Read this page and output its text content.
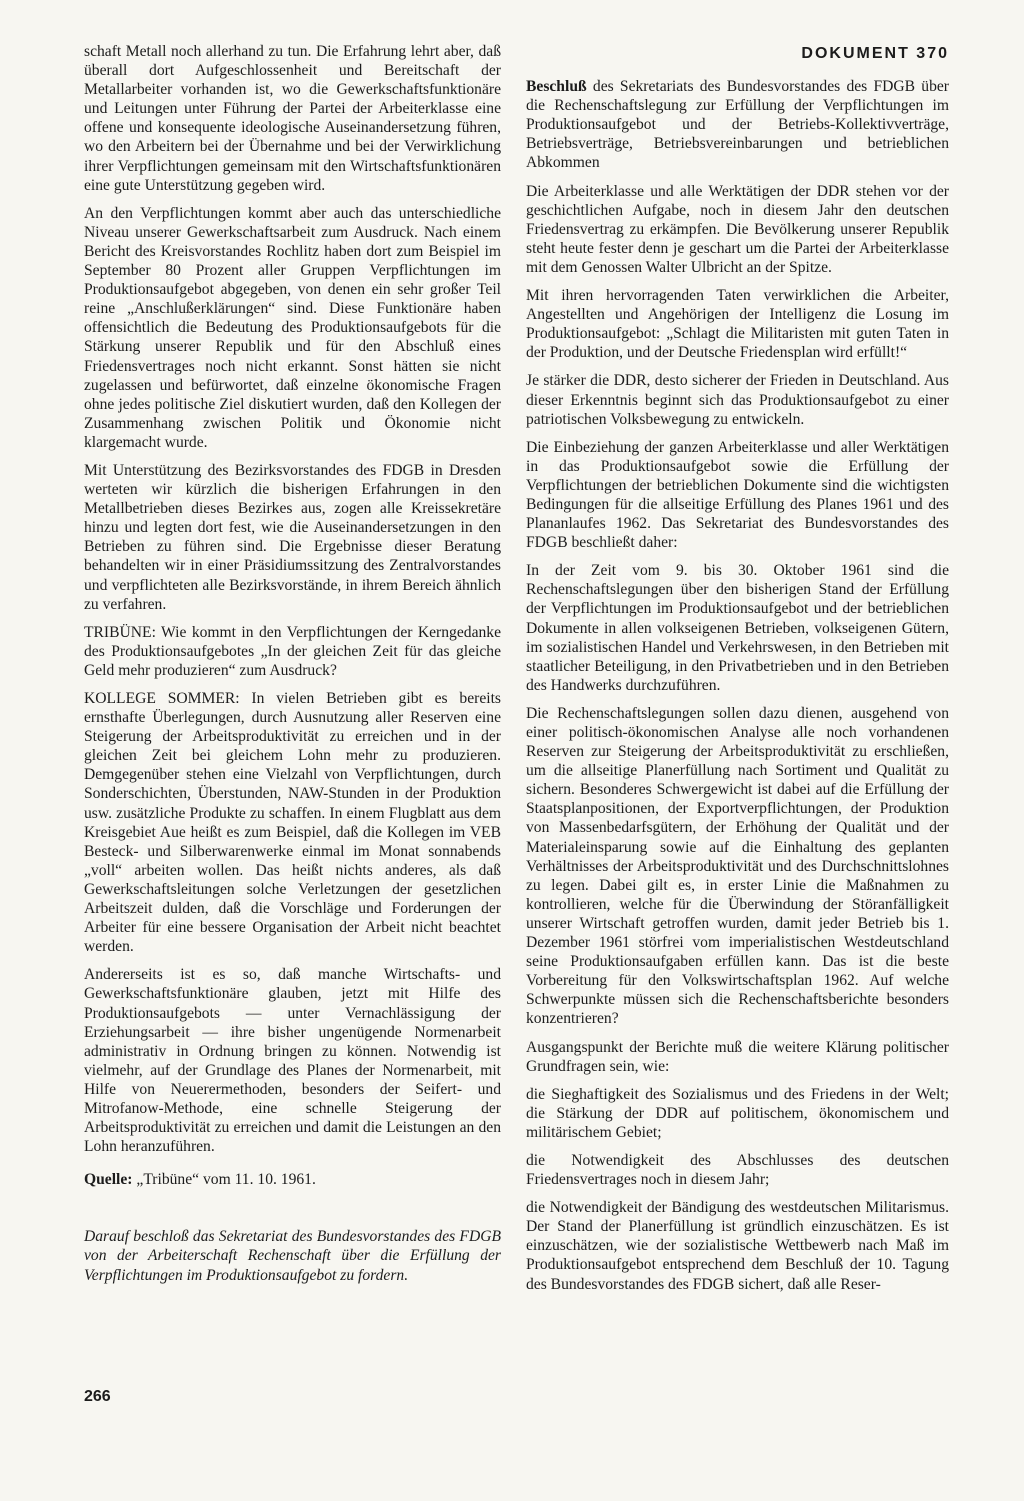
schaft Metall noch allerhand zu tun. Die Erfahrung lehrt aber, daß überall dort Aufgeschlossenheit und Bereitschaft der Metallarbeiter vorhanden ist, wo die Gewerkschaftsfunktionäre und Leitungen unter Führung der Partei der Arbeiterklasse eine offene und konsequente ideologische Auseinandersetzung führen, wo den Arbeitern bei der Übernahme und bei der Verwirklichung ihrer Verpflichtungen gemeinsam mit den Wirtschaftsfunktionären eine gute Unterstützung gegeben wird.

An den Verpflichtungen kommt aber auch das unterschiedliche Niveau unserer Gewerkschaftsarbeit zum Ausdruck. Nach einem Bericht des Kreisvorstandes Rochlitz haben dort zum Beispiel im September 80 Prozent aller Gruppen Verpflichtungen im Produktionsaufgebot abgegeben, von denen ein sehr großer Teil reine „Anschlußerklärungen“ sind. Diese Funktionäre haben offensichtlich die Bedeutung des Produktionsaufgebots für die Stärkung unserer Republik und für den Abschluß eines Friedensvertrages noch nicht erkannt. Sonst hätten sie nicht zugelassen und befürwortet, daß einzelne ökonomische Fragen ohne jedes politische Ziel diskutiert wurden, daß den Kollegen der Zusammenhang zwischen Politik und Ökonomie nicht klargemacht wurde.

Mit Unterstützung des Bezirksvorstandes des FDGB in Dresden werteten wir kürzlich die bisherigen Erfahrungen in den Metallbetrieben dieses Bezirkes aus, zogen alle Kreissekretäre hinzu und legten dort fest, wie die Auseinandersetzungen in den Betrieben zu führen sind. Die Ergebnisse dieser Beratung behandelten wir in einer Präsidiumssitzung des Zentralvorstandes und verpflichteten alle Bezirksvorstände, in ihrem Bereich ähnlich zu verfahren.

TRIBÜNE: Wie kommt in den Verpflichtungen der Kerngedanke des Produktionsaufgebotes „In der gleichen Zeit für das gleiche Geld mehr produzieren“ zum Ausdruck?

KOLLEGE SOMMER: In vielen Betrieben gibt es bereits ernsthafte Überlegungen, durch Ausnutzung aller Reserven eine Steigerung der Arbeitsproduktivität zu erreichen und in der gleichen Zeit bei gleichem Lohn mehr zu produzieren. Demgegenüber stehen eine Vielzahl von Verpflichtungen, durch Sonderschichten, Überstunden, NAW-Stunden in der Produktion usw. zusätzliche Produkte zu schaffen. In einem Flugblatt aus dem Kreisgebiet Aue heißt es zum Beispiel, daß die Kollegen im VEB Besteck- und Silberwarenwerke einmal im Monat sonnabends „voll“ arbeiten wollen. Das heißt nichts anderes, als daß Gewerkschaftsleitungen solche Verletzungen der gesetzlichen Arbeitszeit dulden, daß die Vorschläge und Forderungen der Arbeiter für eine bessere Organisation der Arbeit nicht beachtet werden.

Andererseits ist es so, daß manche Wirtschafts- und Gewerkschaftsfunktionäre glauben, jetzt mit Hilfe des Produktionsaufgebots — unter Vernachlässigung der Erziehungsarbeit — ihre bisher ungenügende Normenarbeit administrativ in Ordnung bringen zu können. Notwendig ist vielmehr, auf der Grundlage des Planes der Normenarbeit, mit Hilfe von Neuerermethoden, besonders der Seifert- und Mitrofanow-Methode, eine schnelle Steigerung der Arbeitsproduktivität zu erreichen und damit die Leistungen an den Lohn heranzuführen.

Quelle: „Tribüne“ vom 11. 10. 1961.

Darauf beschloß das Sekretariat des Bundesvorstandes des FDGB von der Arbeiterschaft Rechenschaft über die Erfüllung der Verpflichtungen im Produktionsaufgebot zu fordern.

DOKUMENT 370

Beschluß des Sekretariats des Bundesvorstandes des FDGB über die Rechenschaftslegung zur Erfüllung der Verpflichtungen im Produktionsaufgebot und der Betriebs-Kollektivverträge, Betriebsverträge, Betriebsvereinbarungen und betrieblichen Abkommen

Die Arbeiterklasse und alle Werktätigen der DDR stehen vor der geschichtlichen Aufgabe, noch in diesem Jahr den deutschen Friedensvertrag zu erkämpfen. Die Bevölkerung unserer Republik steht heute fester denn je geschart um die Partei der Arbeiterklasse mit dem Genossen Walter Ulbricht an der Spitze.

Mit ihren hervorragenden Taten verwirklichen die Arbeiter, Angestellten und Angehörigen der Intelligenz die Losung im Produktionsaufgebot: „Schlagt die Militaristen mit guten Taten in der Produktion, und der Deutsche Friedensplan wird erfüllt!“

Je stärker die DDR, desto sicherer der Frieden in Deutschland. Aus dieser Erkenntnis beginnt sich das Produktionsaufgebot zu einer patriotischen Volksbewegung zu entwickeln.

Die Einbeziehung der ganzen Arbeiterklasse und aller Werktätigen in das Produktionsaufgebot sowie die Erfüllung der Verpflichtungen der betrieblichen Dokumente sind die wichtigsten Bedingungen für die allseitige Erfüllung des Planes 1961 und des Plananlaufes 1962. Das Sekretariat des Bundesvorstandes des FDGB beschließt daher:

In der Zeit vom 9. bis 30. Oktober 1961 sind die Rechenschaftslegungen über den bisherigen Stand der Erfüllung der Verpflichtungen im Produktionsaufgebot und der betrieblichen Dokumente in allen volkseigenen Betrieben, volkseigenen Gütern, im sozialistischen Handel und Verkehrswesen, in den Betrieben mit staatlicher Beteiligung, in den Privatbetrieben und in den Betrieben des Handwerks durchzuführen.

Die Rechenschaftslegungen sollen dazu dienen, ausgehend von einer politisch-ökonomischen Analyse alle noch vorhandenen Reserven zur Steigerung der Arbeitsproduktivität zu erschließen, um die allseitige Planerfüllung nach Sortiment und Qualität zu sichern. Besonderes Schwergewicht ist dabei auf die Erfüllung der Staatsplanpositionen, der Exportverpflichtungen, der Produktion von Massenbedarfsgütern, der Erhöhung der Qualität und der Materialeinsparung sowie auf die Einhaltung des geplanten Verhältnisses der Arbeitsproduktivität und des Durchschnittslohnes zu legen. Dabei gilt es, in erster Linie die Maßnahmen zu kontrollieren, welche für die Überwindung der Störanfälligkeit unserer Wirtschaft getroffen wurden, damit jeder Betrieb bis 1. Dezember 1961 störfrei vom imperialistischen Westdeutschland seine Produktionsaufgaben erfüllen kann. Das ist die beste Vorbereitung für den Volkswirtschaftsplan 1962. Auf welche Schwerpunkte müssen sich die Rechenschaftsberichte besonders konzentrieren?

Ausgangspunkt der Berichte muß die weitere Klärung politischer Grundfragen sein, wie:

die Sieghaftigkeit des Sozialismus und des Friedens in der Welt; die Stärkung der DDR auf politischem, ökonomischem und militärischem Gebiet;

die Notwendigkeit des Abschlusses des deutschen Friedensvertrages noch in diesem Jahr;

die Notwendigkeit der Bändigung des westdeutschen Militarismus. Der Stand der Planerfüllung ist gründlich einzuschätzen. Es ist einzuschätzen, wie der sozialistische Wettbewerb nach Maß im Produktionsaufgebot entsprechend dem Beschluß der 10. Tagung des Bundesvorstandes des FDGB sichert, daß alle Reser-

266
